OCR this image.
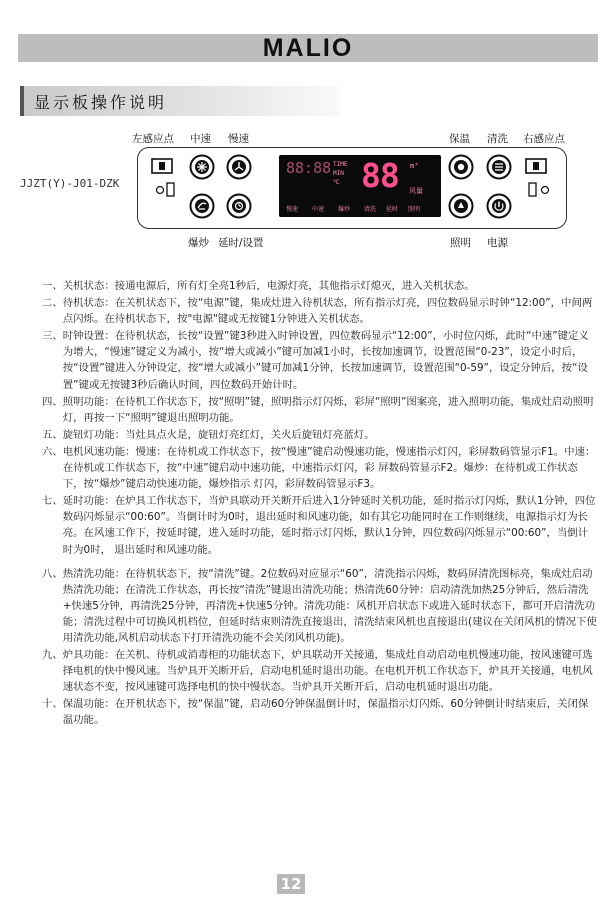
MALIO
显示板操作说明
左感应点 中速 慢速	保温 清洗 右感应点
爆炒 延时/设置	照明 电源
JJZT(Y)-J01-DZK
88:88 TIME
MIN
℃ 88 m³
风量
慢速 中速 爆炒 清洗 延时 照明
一、 关机状态：接通电源后，所有灯全亮1秒后，电源灯亮，其他指示灯熄灭，进入关机状态。
二、 待机状态：在关机状态下，按“电源”键，集成灶进入待机状态，所有指示灯亮，四位数码显示时钟“12:00”，中间两点闪烁。在待机状态下，按"电源"键或无按键1分钟进入关机状态。
三、 时钟设置：在待机状态，长按“设置”键3秒进入时钟设置，四位数码显示“12:00”，小时位闪烁，此时“中速”键定义为增大，“慢速”键定义为减小，按“增大或减小”键可加减1小时，长按加速调节，设置范围“0-23”，设定小时后，按“设置”键进入分钟设定，按“增大或减小”键可加减1分钟，长按加速调节，设置范围“0-59”，设定分钟后，按“设置”键或无按键3秒后确认时间，四位数码开始计时。
四、 照明功能：在待机工作状态下，按“照明”键，照明指示灯闪烁，彩屏“照明”图案亮，进入照明功能，集成灶启动照明灯，再按一下“照明”键退出照明功能。
五、 旋钮灯功能：当灶具点火是，旋钮灯亮红灯，关火后旋钮灯亮蓝灯。
六、 电机风速功能：慢速：在待机或工作状态下，按“慢速”键启动慢速功能，慢速指示灯闪，彩屏数码管显示F1。中速：在待机或工作状态下，按“中速”键启动中速功能，中速指示灯闪，彩 屏数码管显示F2。爆炒：在待机或工作状态下，按“爆炒”键启动快速功能，爆炒指示 灯闪，彩屏数码管显示F3。
七、 延时功能：在炉具工作状态下，当炉具联动开关断开后进入1分钟延时关机功能，延时指示灯闪烁，默认1分钟，四位数码闪烁显示“00:60”。当倒计时为0时，退出延时和风速功能，如有其它功能同时在工作则继续，电源指示灯为长亮。在风速工作下，按延时键，进入延时功能，延时指示灯闪烁，默认1分钟，四位数码闪烁显示“00:60”，当倒计时为0时， 退出延时和风速功能。
八、 热清洗功能：在待机状态下，按“清洗”键。2位数码对应显示“60”，清洗指示闪烁，数码屏清洗图标亮，集成灶启动热清洗功能；在清洗工作状态，再长按“清洗”键退出清洗功能；热清洗60分钟：启动清洗加热25分钟后，然后清洗+快速5分钟，再清洗25分钟，再清洗+快速5分钟。清洗功能：风机开启状态下或进入延时状态下，都可开启清洗功能；清洗过程中可切换风机档位，但延时结束则清洗直接退出，清洗结束风机也直接退出(建议在关闭风机的情况下使用清洗功能,风机启动状态下打开清洗功能不会关闭风机功能)。
九、 炉具功能：在关机、待机或消毒柜的功能状态下，炉具联动开关接通，集成灶自动启动电机慢速功能，按风速键可选择电机的快中慢风速。当炉具开关断开后，启动电机延时退出功能。在电机开机工作状态下，炉具开关接通，电机风速状态不变，按风速键可选择电机的快中慢状态。当炉具开关断开后，启动电机延时退出功能。
十、 保温功能：在开机状态下，按“保温”键，启动60分钟保温倒计时，保温指示灯闪烁、60分钟倒计时结束后，关闭保温功能。
12
